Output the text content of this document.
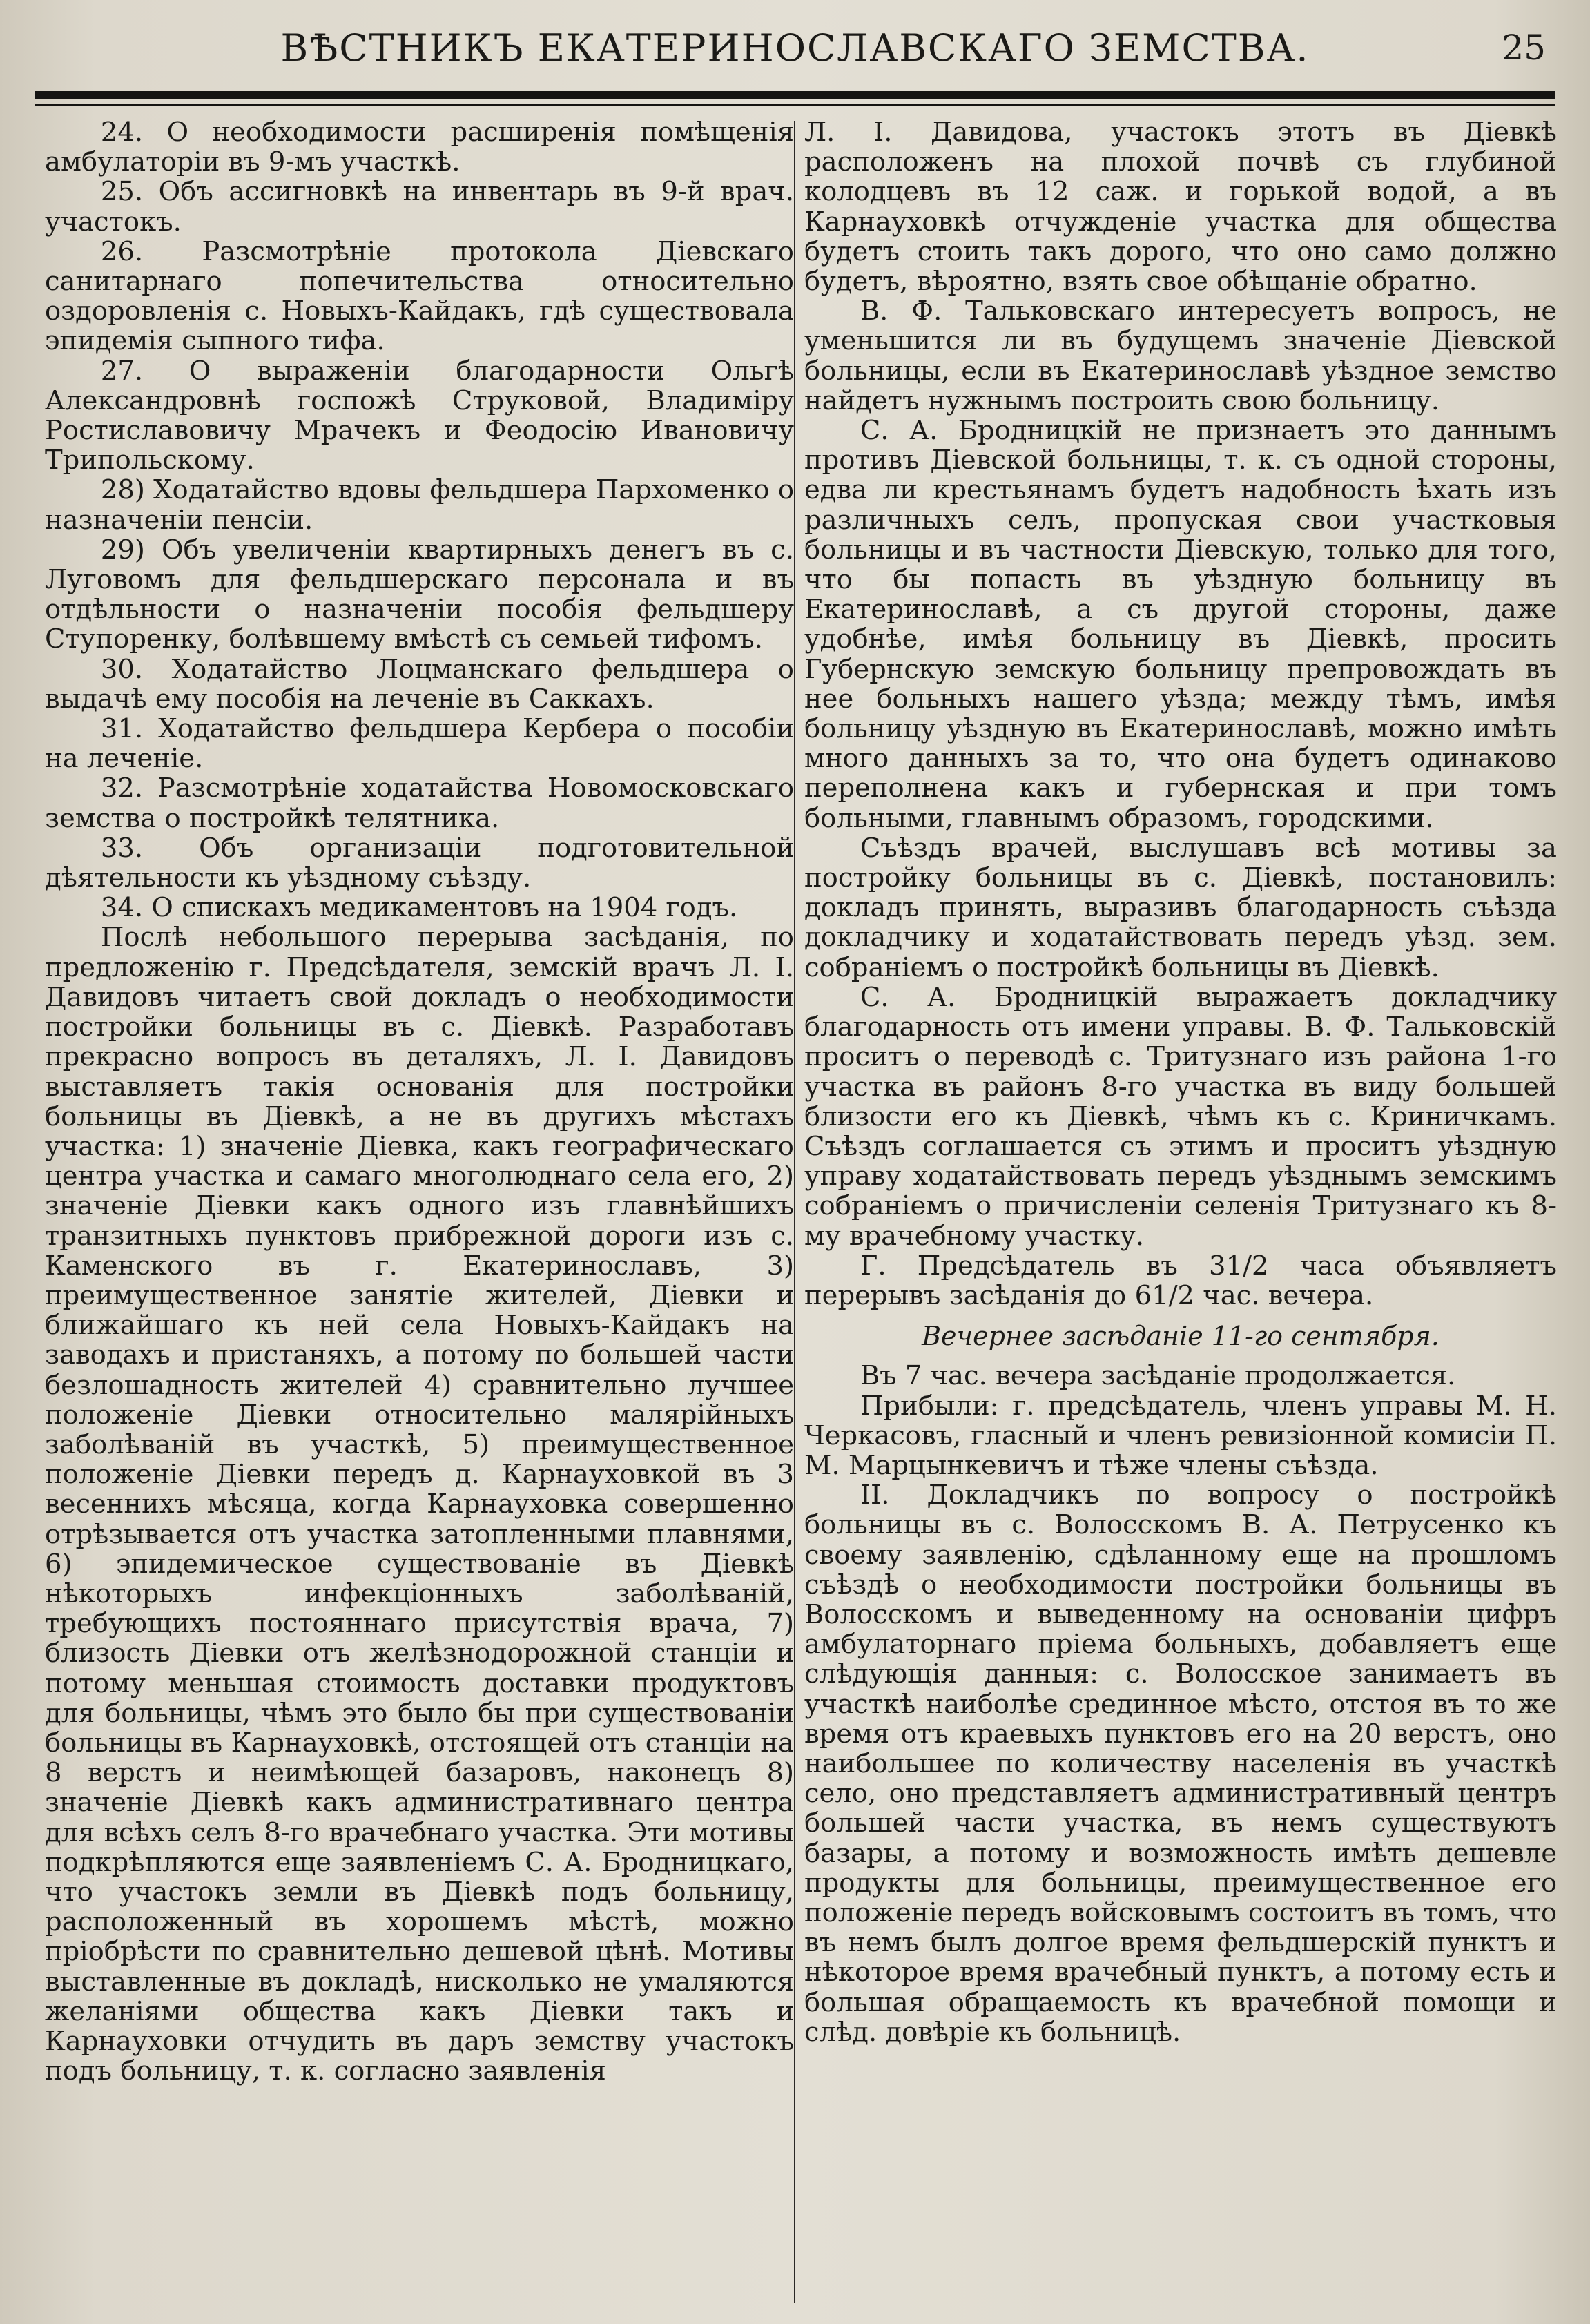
ВѢСТНИКЪ ЕКАТЕРИНОСЛАВСКАГО ЗЕМСТВА.	25

24. О необходимости расширенія помѣщенія амбулаторіи въ 9-мъ участкѣ.

25. Объ ассигновкѣ на инвентарь въ 9-й врач. участокъ.

26. Разсмотрѣніе протокола Діевскаго санитарнаго попечительства относительно оздоровленія с. Новыхъ-Кайдакъ, гдѣ существовала эпидемія сыпного тифа.

27. О выраженіи благодарности Ольгѣ Александровнѣ госпожѣ Струковой, Владиміру Ростиславовичу Мрачекъ и Феодосію Ивановичу Трипольскому.

28) Ходатайство вдовы фельдшера Пархоменко о назначеніи пенсіи.

29) Объ увеличеніи квартирныхъ денегъ въ с. Луговомъ для фельдшерскаго персонала и въ отдѣльности о назначеніи пособія фельдшеру Ступоренку, болѣвшему вмѣстѣ съ семьей тифомъ.

30. Ходатайство Лоцманскаго фельдшера о выдачѣ ему пособія на леченіе въ Саккахъ.

31. Ходатайство фельдшера Кербера о пособіи на леченіе.

32. Разсмотрѣніе ходатайства Новомосковскаго земства о постройкѣ телятника.

33. Объ организаціи подготовительной дѣятельности къ уѣздному съѣзду.

34. О спискахъ медикаментовъ на 1904 годъ.

Послѣ небольшого перерыва засѣданія, по предложенію г. Предсѣдателя, земскій врачъ Л. І. Давидовъ читаетъ свой докладъ о необходимости постройки больницы въ с. Діевкѣ. Разработавъ прекрасно вопросъ въ деталяхъ, Л. І. Давидовъ выставляетъ такія основанія для постройки больницы въ Діевкѣ, а не въ другихъ мѣстахъ участка: 1) значеніе Діевка, какъ географическаго центра участка и самаго многолюднаго села его, 2) значеніе Діевки какъ одного изъ главнѣйшихъ транзитныхъ пунктовъ прибрежной дороги изъ с. Каменского въ г. Екатеринославъ, 3) преимущественное занятіе жителей, Діевки и ближайшаго къ ней села Новыхъ-Кайдакъ на заводахъ и пристаняхъ, а потому по большей части безлошадность жителей 4) сравнительно лучшее положеніе Діевки относительно малярійныхъ заболѣваній въ участкѣ, 5) преимущественное положеніе Діевки передъ д. Карнауховкой въ 3 весеннихъ мѣсяца, когда Карнауховка совершенно отрѣзывается отъ участка затопленными плавнями, 6) эпидемическое существованіе въ Діевкѣ нѣкоторыхъ инфекціонныхъ заболѣваній, требующихъ постояннаго присутствія врача, 7) близость Діевки отъ желѣзнодорожной станціи и потому меньшая стоимость доставки продуктовъ для больницы, чѣмъ это было бы при существованіи больницы въ Карнауховкѣ, отстоящей отъ станціи на 8 верстъ и неимѣющей базаровъ, наконецъ 8) значеніе Діевкѣ какъ административнаго центра для всѣхъ селъ 8-го врачебнаго участка. Эти мотивы подкрѣпляются еще заявленіемъ С. А. Бродницкаго, что участокъ земли въ Діевкѣ подъ больницу, расположенный въ хорошемъ мѣстѣ, можно пріобрѣсти по сравнительно дешевой цѣнѣ. Мотивы выставленные въ докладѣ, нисколько не умаляются желаніями общества какъ Діевки такъ и Карнауховки отчудить въ даръ земству участокъ подъ больницу, т. к. согласно заявленія

Л. І. Давидова, участокъ этотъ въ Діевкѣ расположенъ на плохой почвѣ съ глубиной колодцевъ въ 12 саж. и горькой водой, а въ Карнауховкѣ отчужденіе участка для общества будетъ стоить такъ дорого, что оно само должно будетъ, вѣроятно, взять свое обѣщаніе обратно.

В. Ф. Тальковскаго интересуетъ вопросъ, не уменьшится ли въ будущемъ значеніе Діевской больницы, если въ Екатеринославѣ уѣздное земство найдетъ нужнымъ построить свою больницу.

С. А. Бродницкій не признаетъ это даннымъ противъ Діевской больницы, т. к. съ одной стороны, едва ли крестьянамъ будетъ надобность ѣхать изъ различныхъ селъ, пропуская свои участковыя больницы и въ частности Діевскую, только для того, что бы попасть въ уѣздную больницу въ Екатеринославѣ, а съ другой стороны, даже удобнѣе, имѣя больницу въ Діевкѣ, просить Губернскую земскую больницу препровождать въ нее больныхъ нашего уѣзда; между тѣмъ, имѣя больницу уѣздную въ Екатеринославѣ, можно имѣть много данныхъ за то, что она будетъ одинаково переполнена какъ и губернская и при томъ больными, главнымъ образомъ, городскими.

Съѣздъ врачей, выслушавъ всѣ мотивы за постройку больницы въ с. Діевкѣ, постановилъ: докладъ принять, выразивъ благодарность съѣзда докладчику и ходатайствовать передъ уѣзд. зем. собраніемъ о постройкѣ больницы въ Діевкѣ.

С. А. Бродницкій выражаетъ докладчику благодарность отъ имени управы. В. Ф. Тальковскій проситъ о переводѣ с. Тритузнаго изъ района 1-го участка въ районъ 8-го участка въ виду большей близости его къ Діевкѣ, чѣмъ къ с. Криничкамъ. Съѣздъ соглашается съ этимъ и проситъ уѣздную управу ходатайствовать передъ уѣзднымъ земскимъ собраніемъ о причисленіи селенія Тритузнаго къ 8-му врачебному участку.

Г. Предсѣдатель въ 31/2 часа объявляетъ перерывъ засѣданія до 61/2 час. вечера.

Вечернее засѣданіе 11-го сентября.

Въ 7 час. вечера засѣданіе продолжается.

Прибыли: г. предсѣдатель, членъ управы М. Н. Черкасовъ, гласный и членъ ревизіонной комисіи П. М. Марцынкевичъ и тѣже члены съѣзда.

II. Докладчикъ по вопросу о постройкѣ больницы въ с. Волосскомъ В. А. Петрусенко къ своему заявленію, сдѣланному еще на прошломъ съѣздѣ о необходимости постройки больницы въ Волосскомъ и выведенному на основаніи цифръ амбулаторнаго пріема больныхъ, добавляетъ еще слѣдующія данныя: с. Волосское занимаетъ въ участкѣ наиболѣе срединное мѣсто, отстоя въ то же время отъ краевыхъ пунктовъ его на 20 верстъ, оно наибольшее по количеству населенія въ участкѣ село, оно представляетъ административный центръ большей части участка, въ немъ существуютъ базары, а потому и возможность имѣть дешевле продукты для больницы, преимущественное его положеніе передъ войсковымъ состоитъ въ томъ, что въ немъ былъ долгое время фельдшерскій пунктъ и нѣкоторое время врачебный пунктъ, а потому есть и большая обращаемость къ врачебной помощи и слѣд. довѣріе къ больницѣ.
